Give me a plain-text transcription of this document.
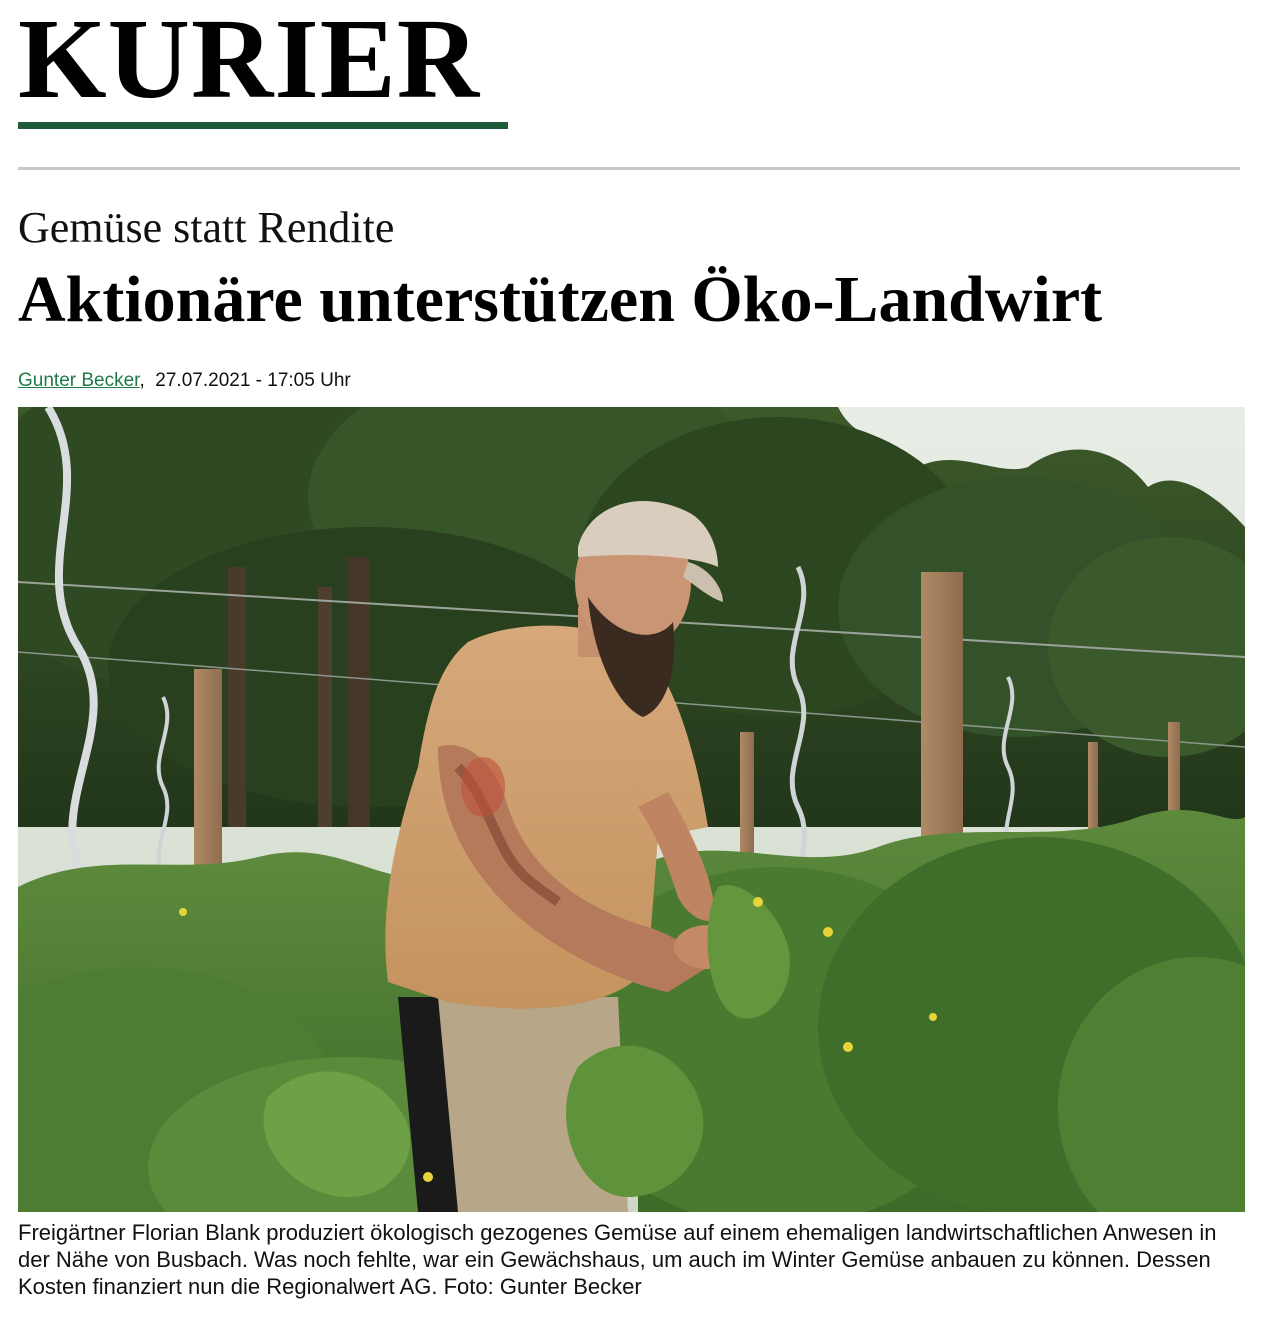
KURIER
Gemüse statt Rendite
Aktionäre unterstützen Öko-Landwirt
Gunter Becker, 27.07.2021 - 17:05 Uhr
Freigärtner Florian Blank produziert ökologisch gezogenes Gemüse auf einem ehemaligen landwirtschaftlichen Anwesen in der Nähe von Busbach. Was noch fehlte, war ein Gewächshaus, um auch im Winter Gemüse anbauen zu können. Dessen Kosten finanziert nun die Regionalwert AG. Foto: Gunter Becker
